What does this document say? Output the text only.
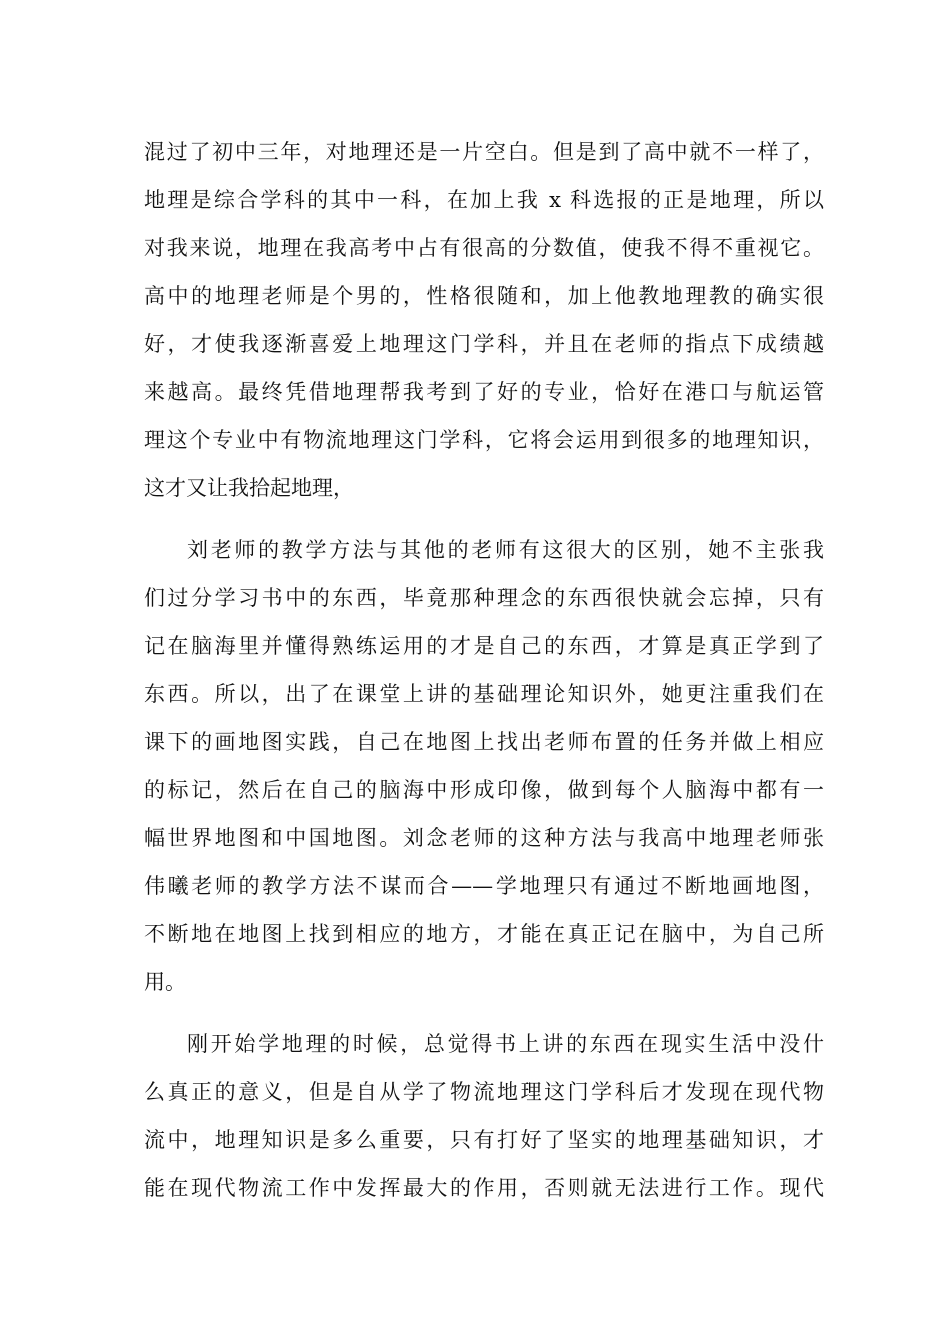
混过了初中三年，对地理还是一片空白。但是到了高中就不一样了，
地理是综合学科的其中一科，在加上我 x 科选报的正是地理，所以
对我来说，地理在我高考中占有很高的分数值，使我不得不重视它。
高中的地理老师是个男的，性格很随和，加上他教地理教的确实很
好，才使我逐渐喜爱上地理这门学科，并且在老师的指点下成绩越
来越高。最终凭借地理帮我考到了好的专业，恰好在港口与航运管
理这个专业中有物流地理这门学科，它将会运用到很多的地理知识，
这才又让我拾起地理，
刘老师的教学方法与其他的老师有这很大的区别，她不主张我
们过分学习书中的东西，毕竟那种理念的东西很快就会忘掉，只有
记在脑海里并懂得熟练运用的才是自己的东西，才算是真正学到了
东西。所以，出了在课堂上讲的基础理论知识外，她更注重我们在
课下的画地图实践，自己在地图上找出老师布置的任务并做上相应
的标记，然后在自己的脑海中形成印像，做到每个人脑海中都有一
幅世界地图和中国地图。刘念老师的这种方法与我高中地理老师张
伟曦老师的教学方法不谋而合——学地理只有通过不断地画地图，
不断地在地图上找到相应的地方，才能在真正记在脑中，为自己所
用。
刚开始学地理的时候，总觉得书上讲的东西在现实生活中没什
么真正的意义，但是自从学了物流地理这门学科后才发现在现代物
流中，地理知识是多么重要，只有打好了坚实的地理基础知识，才
能在现代物流工作中发挥最大的作用，否则就无法进行工作。现代
